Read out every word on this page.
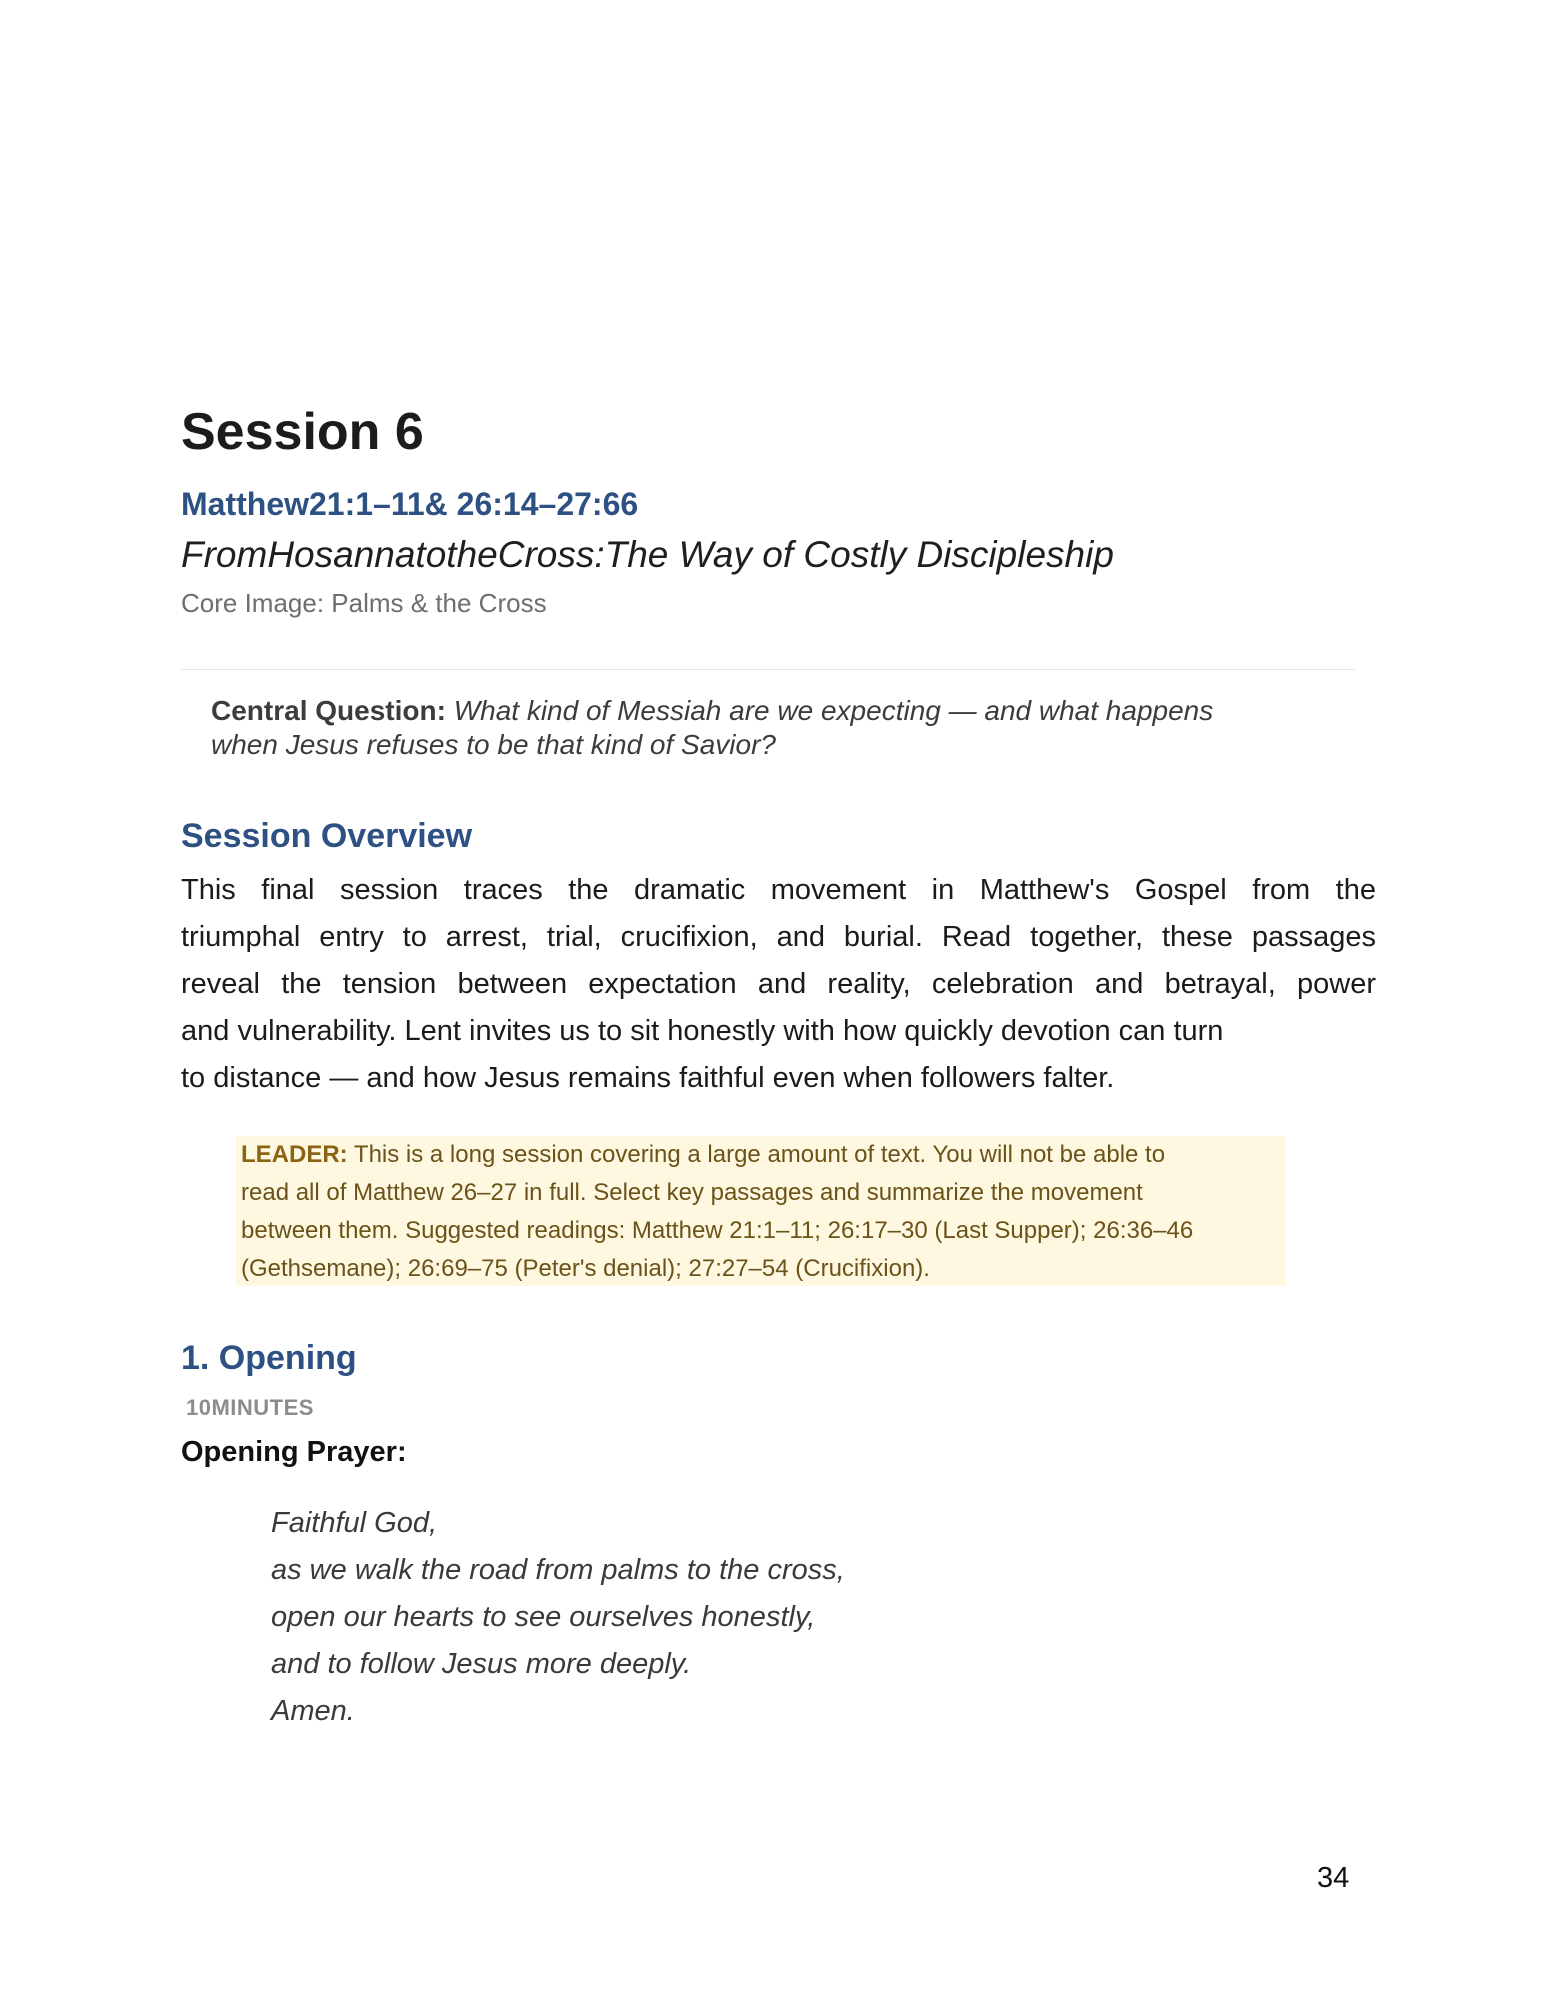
Session 6
Matthew21:1–11& 26:14–27:66
FromHosannatotheCross:The Way of Costly Discipleship
Core Image: Palms & the Cross
Central Question: What kind of Messiah are we expecting — and what happens
when Jesus refuses to be that kind of Savior?
Session Overview
This final session traces the dramatic movement in Matthew's Gospel from the
triumphal entry to arrest, trial, crucifixion, and burial. Read together, these passages
reveal the tension between expectation and reality, celebration and betrayal, power
and vulnerability. Lent invites us to sit honestly with how quickly devotion can turn
to distance — and how Jesus remains faithful even when followers falter.
LEADER: This is a long session covering a large amount of text. You will not be able to
read all of Matthew 26–27 in full. Select key passages and summarize the movement
between them. Suggested readings: Matthew 21:1–11; 26:17–30 (Last Supper); 26:36–46
(Gethsemane); 26:69–75 (Peter's denial); 27:27–54 (Crucifixion).
1. Opening
10MINUTES
Opening Prayer:
Faithful God,
as we walk the road from palms to the cross,
open our hearts to see ourselves honestly,
and to follow Jesus more deeply.
Amen.
34
